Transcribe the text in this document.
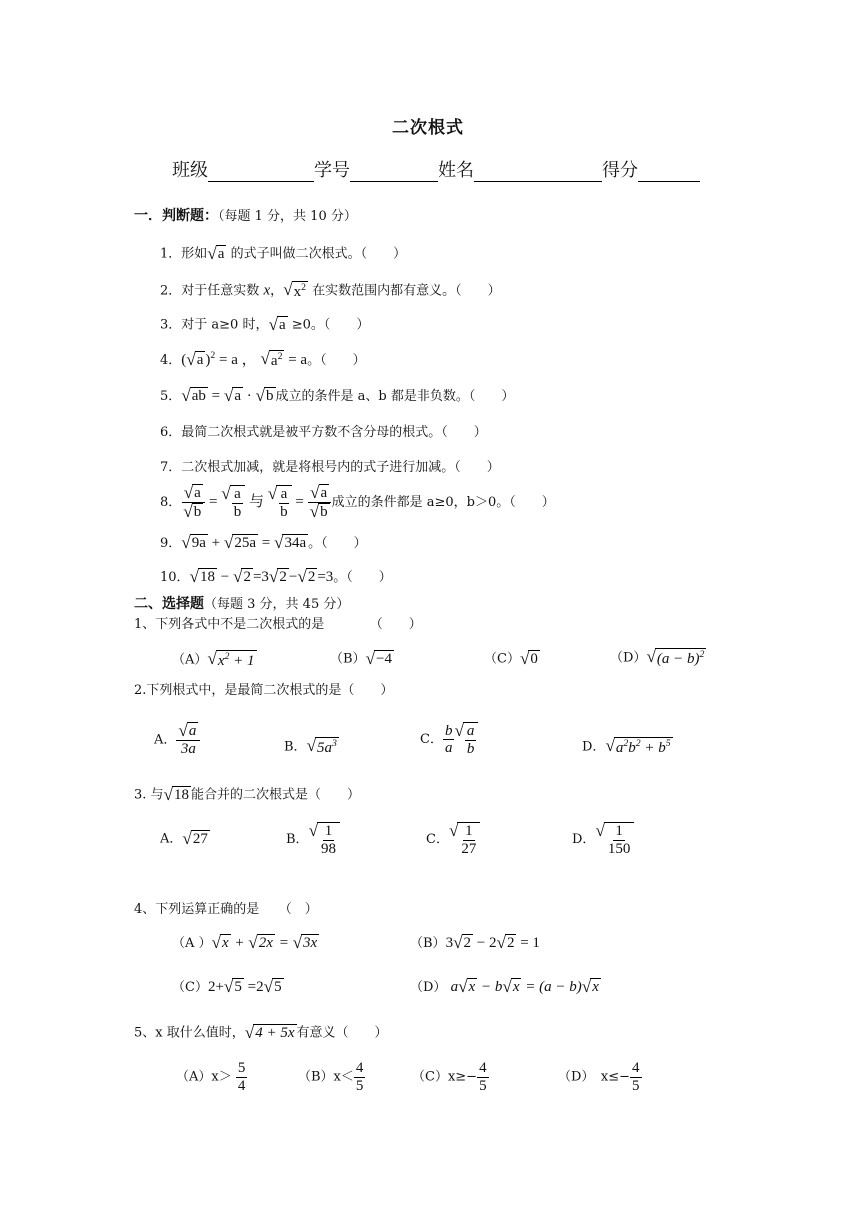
二次根式
班级	学号	姓名	得分
一．判断题：（每题 1 分，共 10 分）
1．形如 √ a 的式子叫做二次根式。（　　）
2．对于任意实数 x， √ $x^2$ 在实数范围内都有意义。（　　）
3．对于 a≥0 时， √ a ≥0。（　　）
4．( √ a )$^2$ = a ， √ $a^2 = a$。（　　）
5． √ ab = √ a · √ b 成立的条件是 a、b 都是非负数。（　　）
6．最简二次根式就是被平方数不含分母的根式。（　　）
7．二次根式加减，就是将根号内的式子进行加减。（　　）
8． $\frac{√ a}{√ b}$ = √ $\frac{a}{b}$ 与 √ $\frac{a}{b} = \frac{√ a}{√ b}$ 成立的条件都是 a≥0，b＞0。（　　）
9． √ 9a + √ 25a = √ 34a 。（　　）
10． √ 18 − √ 2 =3 √ 2 − √ 2 =3。（　　）
二、选择题（每题 3 分，共 45 分）
1、下列各式中不是二次根式的是　　　　（　　）
（A） √ $x^2 + 1$	（B） √ −4	（C） √ 0	（D） √ $(a - b)^2$
2.下列根式中，是最简二次根式的是（　　）
A． $\frac{√ a}{3a}$	B． √ $5a^3$	C． $\frac{b}{a}$ √ $\frac{a}{b}$	D． √ $a^2b^2 + b^5$
3. 与 √ 18 能合并的二次根式是（　　）
A． √ 27	B． √ $\frac{1}{98}$	C． √ $\frac{1}{27}$	D． √ $\frac{1}{150}$
4、下列运算正确的是　　（　）
（A ） √ x + √ 2x = √ 3x	（B）3 √ 2 − 2 √ 2 = 1
（C）2+ √ 5 =2 √ 5	（D） a √ x − b √ x = (a − b) √ x
5、x 取什么值时， √ 4 + 5x 有意义（　　）
$(A)x> \frac{5}{4}$	$(B)x< \frac{4}{5}$	$(C)x\ge- \frac{4}{5}$	（D）　$x\le- \frac{4}{5}$
